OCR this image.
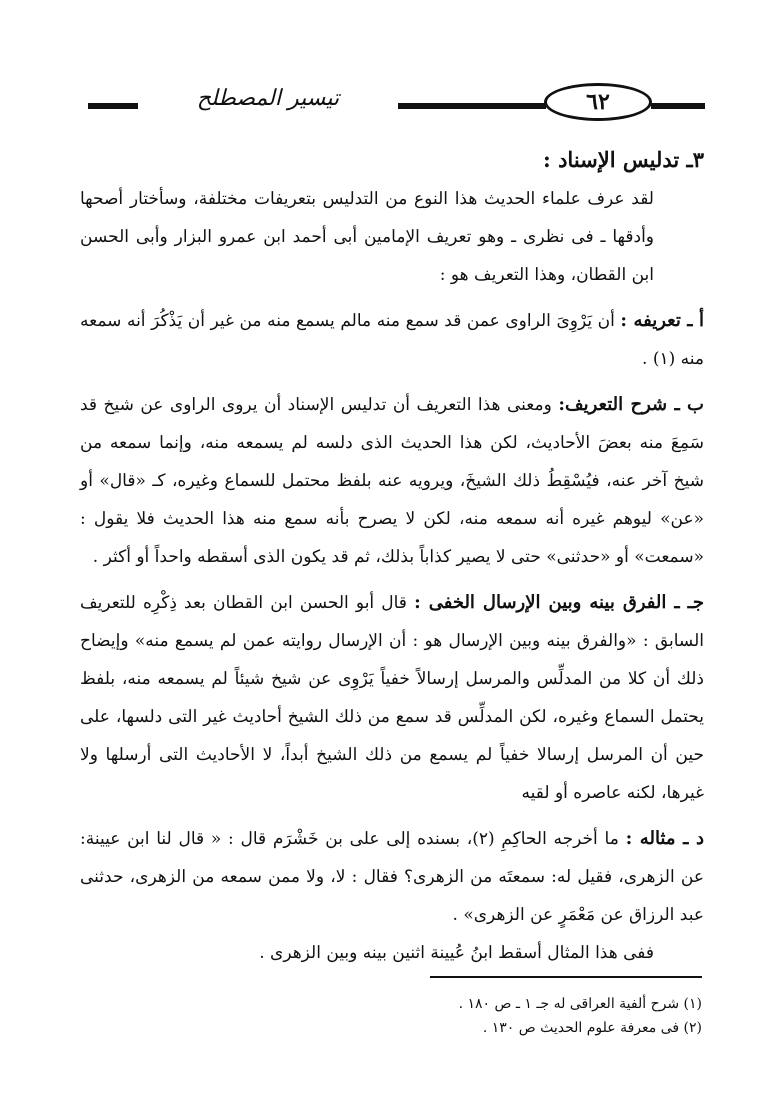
تيسير المصطلح	٦٢
٣ـ تدليس الإسناد :

لقد عرف علماء الحديث هذا النوع من التدليس بتعريفات مختلفة، وسأختار أصحها وأدقها ـ فى نظرى ـ وهو تعريف الإمامين أبى أحمد ابن عمرو البزار وأبى الحسن ابن القطان، وهذا التعريف هو :

أ ـ تعريفه : أن يَرْوِىَ الراوى عمن قد سمع منه مالم يسمع منه من غير أن يَذْكُرَ أنه سمعه منه (١) .

ب ـ شرح التعريف: ومعنى هذا التعريف أن تدليس الإسناد أن يروى الراوى عن شيخ قد سَمِعَ منه بعضَ الأحاديث، لكن هذا الحديث الذى دلسه لم يسمعه منه، وإنما سمعه من شيخ آخر عنه، فيُسْقِطُ ذلك الشيخَ، ويرويه عنه بلفظ محتمل للسماع وغيره، كـ «قال» أو «عن» ليوهم غيره أنه سمعه منه، لكن لا يصرح بأنه سمع منه هذا الحديث فلا يقول : «سمعت» أو «حدثنى» حتى لا يصير كذاباً بذلك، ثم قد يكون الذى أسقطه واحداً أو أكثر .

جـ ـ الفرق بينه وبين الإرسال الخفى : قال أبو الحسن ابن القطان بعد ذِكْرِه للتعريف السابق : «والفرق بينه وبين الإرسال هو : أن الإرسال روايته عمن لم يسمع منه» وإيضاح ذلك أن كلا من المدلِّس والمرسل إرسالاً خفياً يَرْوِى عن شيخ شيئاً لم يسمعه منه، بلفظ يحتمل السماع وغيره، لكن المدلِّس قد سمع من ذلك الشيخ أحاديث غير التى دلسها، على حين أن المرسل إرسالا خفياً لم يسمع من ذلك الشيخ أبداً، لا الأحاديث التى أرسلها ولا غيرها، لكنه عاصره أو لقيه

د ـ مثاله : ما أخرجه الحاكِمِ (٢)، بسنده إلى على بن خَشْرَم قال : « قال لنا ابن عيينة: عن الزهرى، فقيل له: سمعتَه من الزهرى؟ فقال : لا، ولا ممن سمعه من الزهرى، حدثنى عبد الرزاق عن مَعْمَرٍ عن الزهرى» .

ففى هذا المثال أسقط ابنُ عُيينة اثنين بينه وبين الزهرى .

(١) شرح ألفية العراقى له جـ ١ ـ ص ١٨٠ .
(٢) فى معرفة علوم الحديث ص ١٣٠ .
